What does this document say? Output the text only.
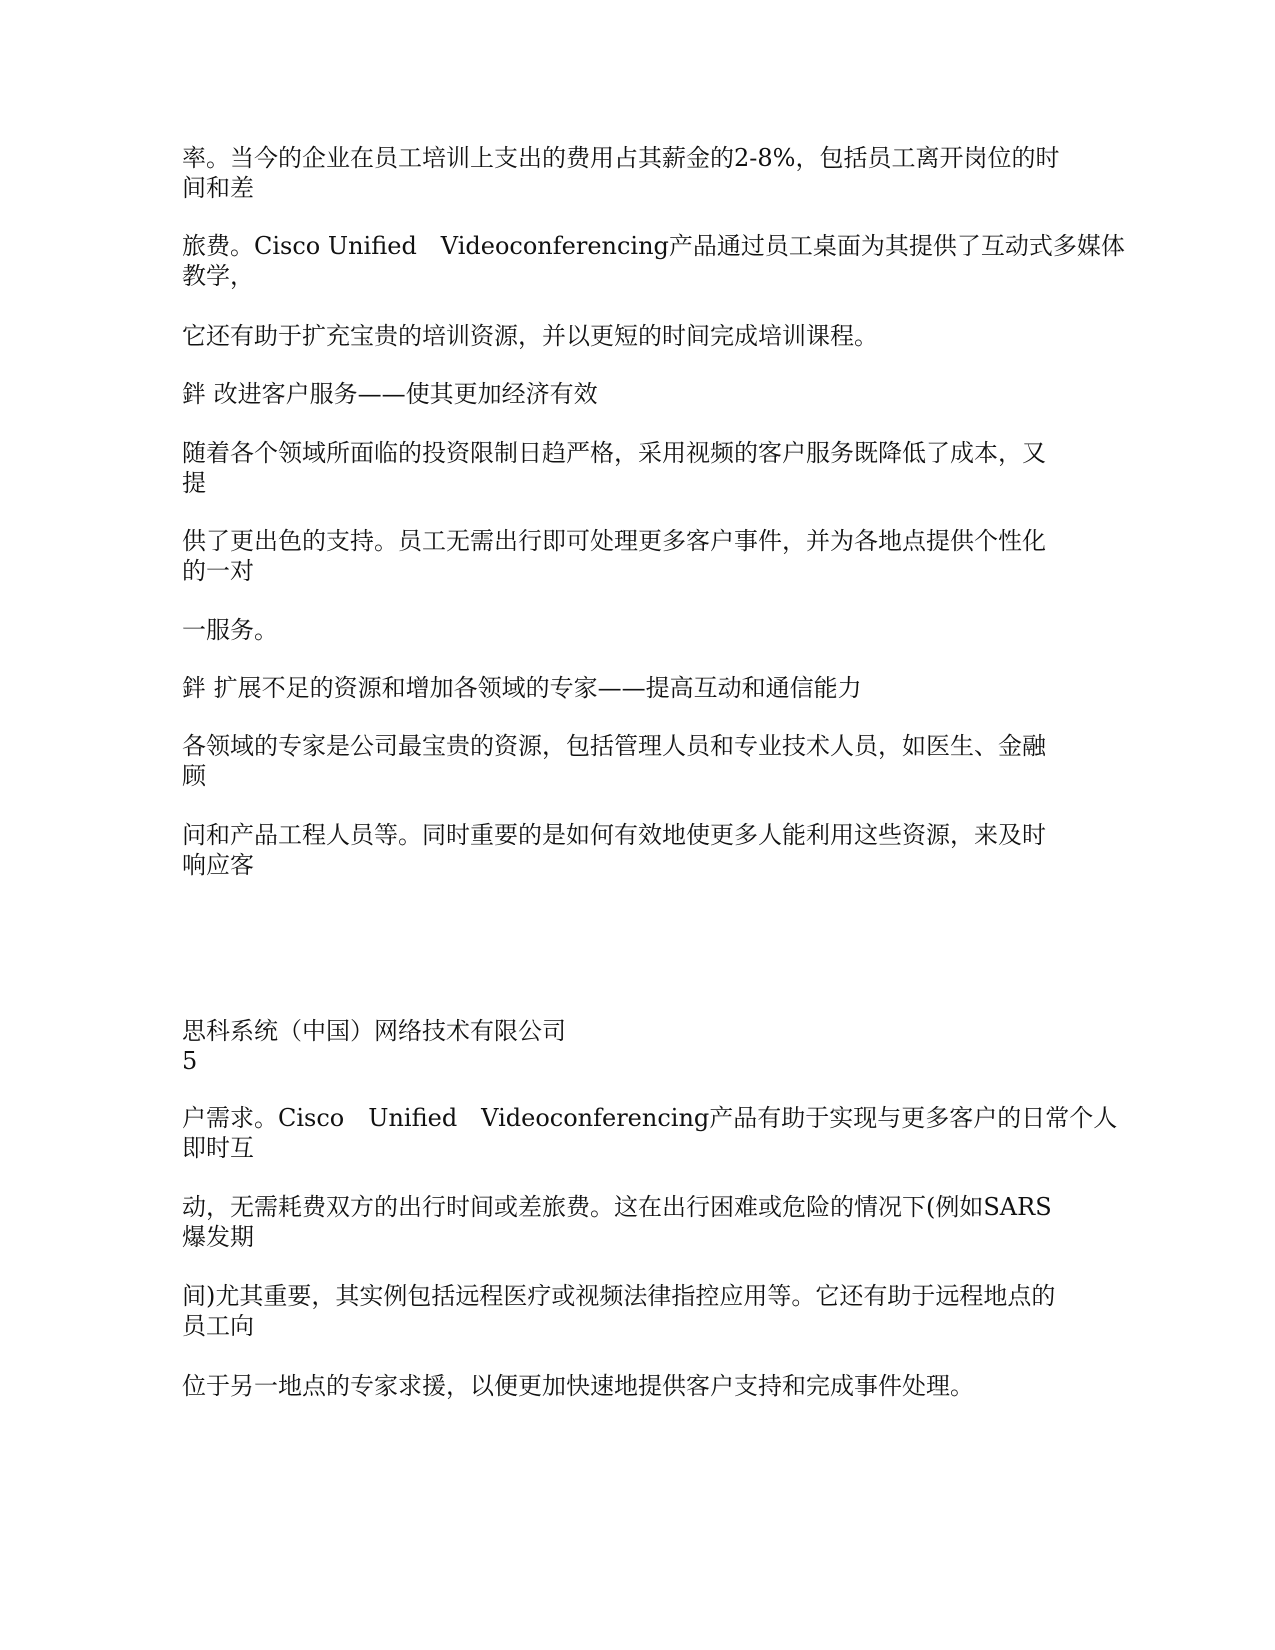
率。当今的企业在员工培训上支出的费用占其薪金的2-8%，包括员工离开岗位的时
间和差
旅费。Cisco Unified　Videoconferencing产品通过员工桌面为其提供了互动式多媒体
教学，
它还有助于扩充宝贵的培训资源，并以更短的时间完成培训课程。
鉡 改进客户服务——使其更加经济有效
随着各个领域所面临的投资限制日趋严格，采用视频的客户服务既降低了成本，又
提
供了更出色的支持。员工无需出行即可处理更多客户事件，并为各地点提供个性化
的一对
一服务。
鉡 扩展不足的资源和增加各领域的专家——提高互动和通信能力
各领域的专家是公司最宝贵的资源，包括管理人员和专业技术人员，如医生、金融
顾
问和产品工程人员等。同时重要的是如何有效地使更多人能利用这些资源，来及时
响应客
思科系统（中国）网络技术有限公司
5
户需求。Cisco　Unified　Videoconferencing产品有助于实现与更多客户的日常个人
即时互
动，无需耗费双方的出行时间或差旅费。这在出行困难或危险的情况下(例如SARS
爆发期
间)尤其重要，其实例包括远程医疗或视频法律指控应用等。它还有助于远程地点的
员工向
位于另一地点的专家求援，以便更加快速地提供客户支持和完成事件处理。
